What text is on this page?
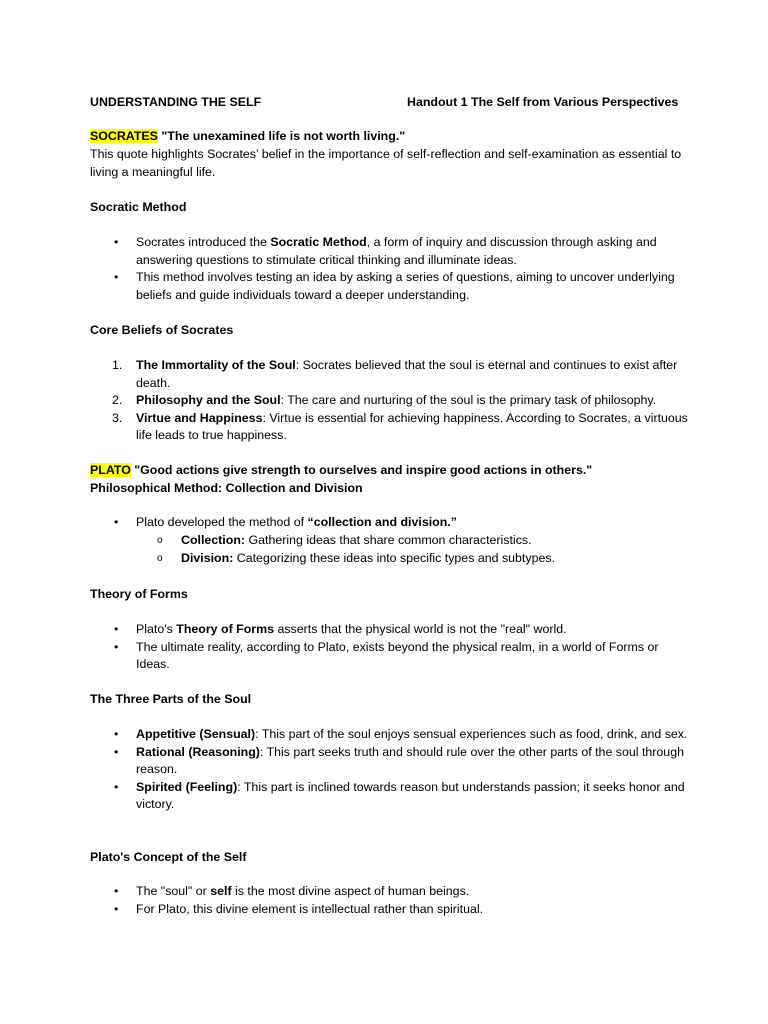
UNDERSTANDING THE SELF	Handout 1 The Self from Various Perspectives
SOCRATES "The unexamined life is not worth living."

This quote highlights Socrates’ belief in the importance of self-reflection and self-examination as essential to living a meaningful life.

Socratic Method
• Socrates introduced the Socratic Method, a form of inquiry and discussion through asking and answering questions to stimulate critical thinking and illuminate ideas.
• This method involves testing an idea by asking a series of questions, aiming to uncover underlying beliefs and guide individuals toward a deeper understanding.
Core Beliefs of Socrates
1. The Immortality of the Soul: Socrates believed that the soul is eternal and continues to exist after death.
2. Philosophy and the Soul: The care and nurturing of the soul is the primary task of philosophy.
3. Virtue and Happiness: Virtue is essential for achieving happiness. According to Socrates, a virtuous life leads to true happiness.
PLATO "Good actions give strength to ourselves and inspire good actions in others."
Philosophical Method: Collection and Division
• Plato developed the method of “collection and division.”
o Collection: Gathering ideas that share common characteristics.
o Division: Categorizing these ideas into specific types and subtypes.
Theory of Forms
• Plato's Theory of Forms asserts that the physical world is not the "real" world.
• The ultimate reality, according to Plato, exists beyond the physical realm, in a world of Forms or Ideas.
The Three Parts of the Soul
• Appetitive (Sensual): This part of the soul enjoys sensual experiences such as food, drink, and sex.
• Rational (Reasoning): This part seeks truth and should rule over the other parts of the soul through reason.
• Spirited (Feeling): This part is inclined towards reason but understands passion; it seeks honor and victory.
Plato's Concept of the Self
• The "soul" or self is the most divine aspect of human beings.
• For Plato, this divine element is intellectual rather than spiritual.
